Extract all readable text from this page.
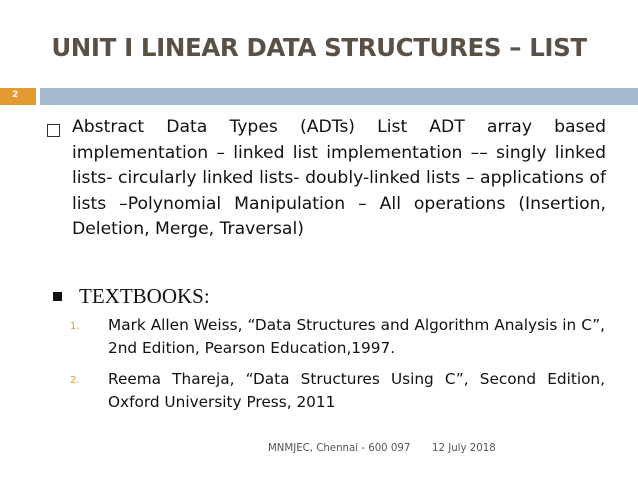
UNIT I LINEAR DATA STRUCTURES – LIST
2
Abstract Data Types (ADTs) List ADT array based implementation – linked list implementation –– singly linked lists- circularly linked lists- doubly-linked lists – applications of lists –Polynomial Manipulation – All operations (Insertion, Deletion, Merge, Traversal)
TEXTBOOKS:
1. Mark Allen Weiss, “Data Structures and Algorithm Analysis in C”, 2nd Edition, Pearson Education,1997.
2. Reema Thareja, “Data Structures Using C”, Second Edition, Oxford University Press, 2011
MNMJEC, Chennai - 600 097 12 July 2018
